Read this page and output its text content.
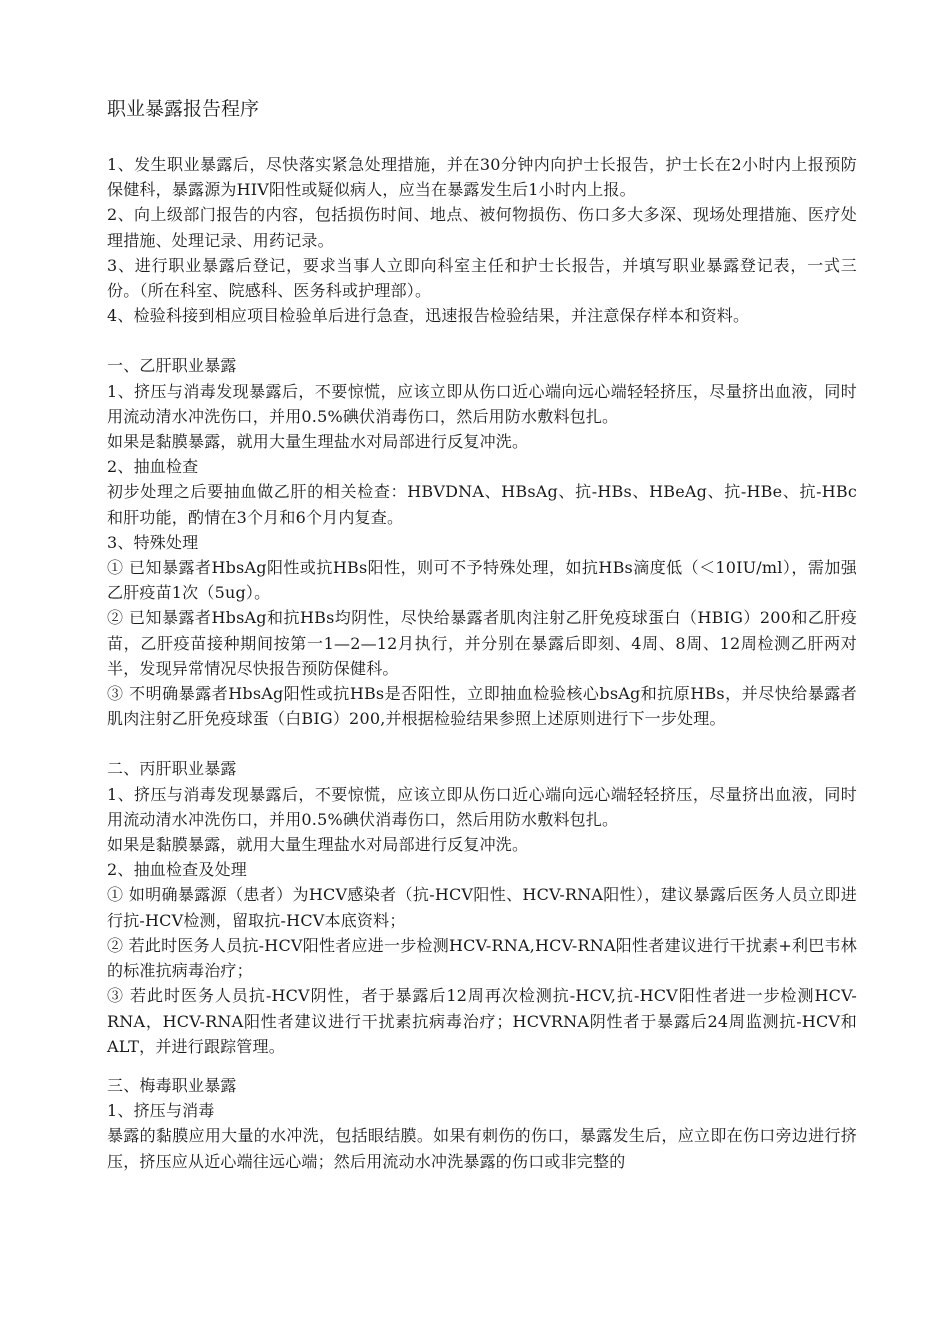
职业暴露报告程序

1、发生职业暴露后，尽快落实紧急处理措施，并在30分钟内向护士长报告，护士长在2小时内上报预防保健科，暴露源为HIV阳性或疑似病人，应当在暴露发生后1小时内上报。

2、向上级部门报告的内容，包括损伤时间、地点、被何物损伤、伤口多大多深、现场处理措施、医疗处理措施、处理记录、用药记录。

3、进行职业暴露后登记，要求当事人立即向科室主任和护士长报告，并填写职业暴露登记表，一式三份。（所在科室、院感科、医务科或护理部）。

4、检验科接到相应项目检验单后进行急查，迅速报告检验结果，并注意保存样本和资料。

一、乙肝职业暴露

1、挤压与消毒发现暴露后，不要惊慌，应该立即从伤口近心端向远心端轻轻挤压，尽量挤出血液，同时用流动清水冲洗伤口，并用0.5%碘伏消毒伤口，然后用防水敷料包扎。

如果是黏膜暴露，就用大量生理盐水对局部进行反复冲洗。

2、抽血检查

初步处理之后要抽血做乙肝的相关检查：HBVDNA、HBsAg、抗-HBs、HBeAg、抗-HBe、抗-HBc和肝功能，酌情在3个月和6个月内复查。

3、特殊处理

① 已知暴露者HbsAg阳性或抗HBs阳性，则可不予特殊处理，如抗HBs滴度低（＜10IU/ml），需加强乙肝疫苗1次（5ug）。

② 已知暴露者HbsAg和抗HBs均阴性，尽快给暴露者肌肉注射乙肝免疫球蛋白（HBIG）200和乙肝疫苗，乙肝疫苗接种期间按第一1—2—12月执行，并分别在暴露后即刻、4周、8周、12周检测乙肝两对半，发现异常情况尽快报告预防保健科。

③ 不明确暴露者HbsAg阳性或抗HBs是否阳性，立即抽血检验核心bsAg和抗原HBs，并尽快给暴露者肌肉注射乙肝免疫球蛋（白BIG）200,并根据检验结果参照上述原则进行下一步处理。

二、丙肝职业暴露

1、挤压与消毒发现暴露后，不要惊慌，应该立即从伤口近心端向远心端轻轻挤压，尽量挤出血液，同时用流动清水冲洗伤口，并用0.5%碘伏消毒伤口，然后用防水敷料包扎。

如果是黏膜暴露，就用大量生理盐水对局部进行反复冲洗。

2、抽血检查及处理

① 如明确暴露源（患者）为HCV感染者（抗-HCV阳性、HCV-RNA阳性），建议暴露后医务人员立即进行抗-HCV检测，留取抗-HCV本底资料；

② 若此时医务人员抗-HCV阳性者应进一步检测HCV-RNA,HCV-RNA阳性者建议进行干扰素+利巴韦林的标准抗病毒治疗；

③ 若此时医务人员抗-HCV阴性，者于暴露后12周再次检测抗-HCV,抗-HCV阳性者进一步检测HCV-RNA，HCV-RNA阳性者建议进行干扰素抗病毒治疗；HCVRNA阴性者于暴露后24周监测抗-HCV和ALT，并进行跟踪管理。

三、梅毒职业暴露

1、挤压与消毒

暴露的黏膜应用大量的水冲洗，包括眼结膜。如果有刺伤的伤口，暴露发生后，应立即在伤口旁边进行挤压，挤压应从近心端往远心端；然后用流动水冲洗暴露的伤口或非完整的
